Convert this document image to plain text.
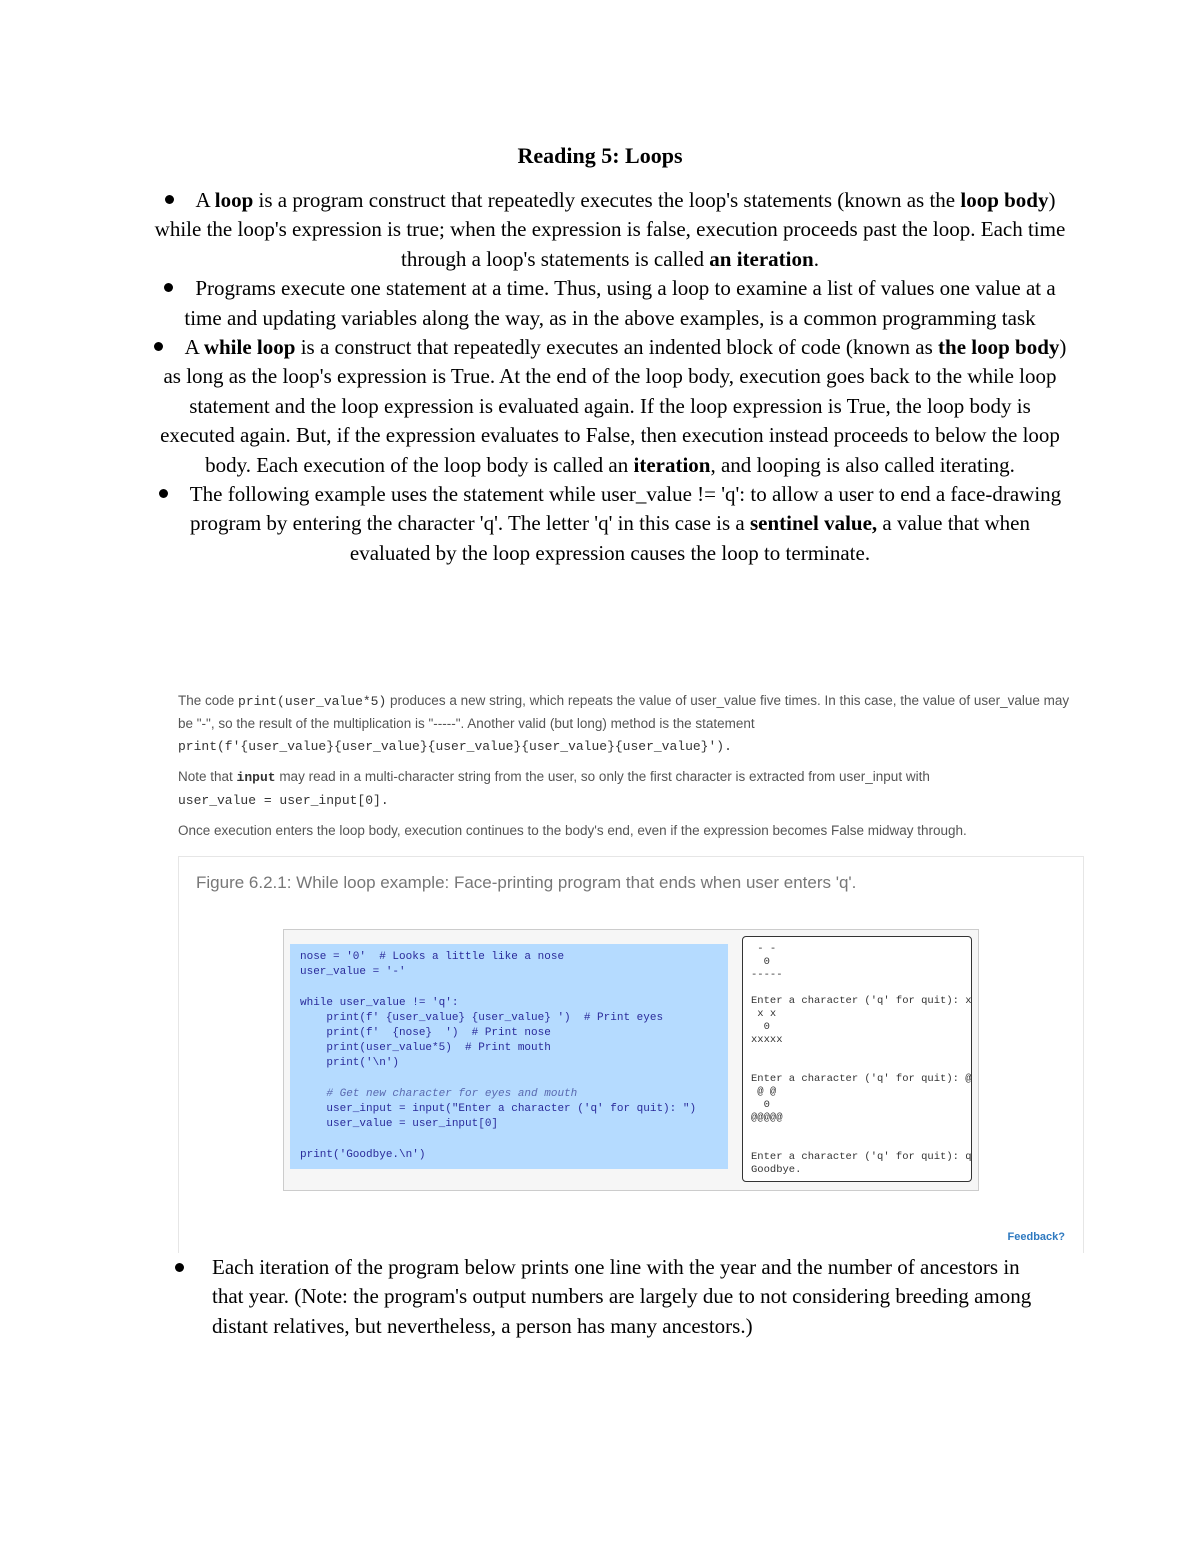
Reading 5: Loops
A loop is a program construct that repeatedly executes the loop's statements (known as the loop body) while the loop's expression is true; when the expression is false, execution proceeds past the loop. Each time through a loop's statements is called an iteration.
Programs execute one statement at a time. Thus, using a loop to examine a list of values one value at a time and updating variables along the way, as in the above examples, is a common programming task
A while loop is a construct that repeatedly executes an indented block of code (known as the loop body) as long as the loop's expression is True. At the end of the loop body, execution goes back to the while loop statement and the loop expression is evaluated again. If the loop expression is True, the loop body is executed again. But, if the expression evaluates to False, then execution instead proceeds to below the loop body. Each execution of the loop body is called an iteration, and looping is also called iterating.
The following example uses the statement while user_value != 'q': to allow a user to end a face-drawing program by entering the character 'q'. The letter 'q' in this case is a sentinel value, a value that when evaluated by the loop expression causes the loop to terminate.

The code print(user_value*5) produces a new string, which repeats the value of user_value five times. In this case, the value of user_value may be "-", so the result of the multiplication is "-----". Another valid (but long) method is the statement
print(f'{user_value}{user_value}{user_value}{user_value}{user_value}').

Note that input may read in a multi-character string from the user, so only the first character is extracted from user_input with
user_value = user_input[0].

Once execution enters the loop body, execution continues to the body's end, even if the expression becomes False midway through.

Figure 6.2.1: While loop example: Face-printing program that ends when user enters 'q'.
nose = '0'  # Looks a little like a nose
user_value = '-'
while user_value != 'q':
print(f' {user_value} {user_value} ')  # Print eyes
print(f'  {nose}  ')  # Print nose
print(user_value*5)  # Print mouth
print('\n')
# Get new character for eyes and mouth
user_input = input("Enter a character ('q' for quit): ")
user_value = user_input[0]
print('Goodbye.\n')
- -
0
-----
Enter a character ('q' for quit): x
x x
0
xxxxx
Enter a character ('q' for quit): @
@ @
0
@@@@@
Enter a character ('q' for quit): q
Goodbye.
Feedback?
Each iteration of the program below prints one line with the year and the number of ancestors in that year. (Note: the program's output numbers are largely due to not considering breeding among distant relatives, but nevertheless, a person has many ancestors.)
